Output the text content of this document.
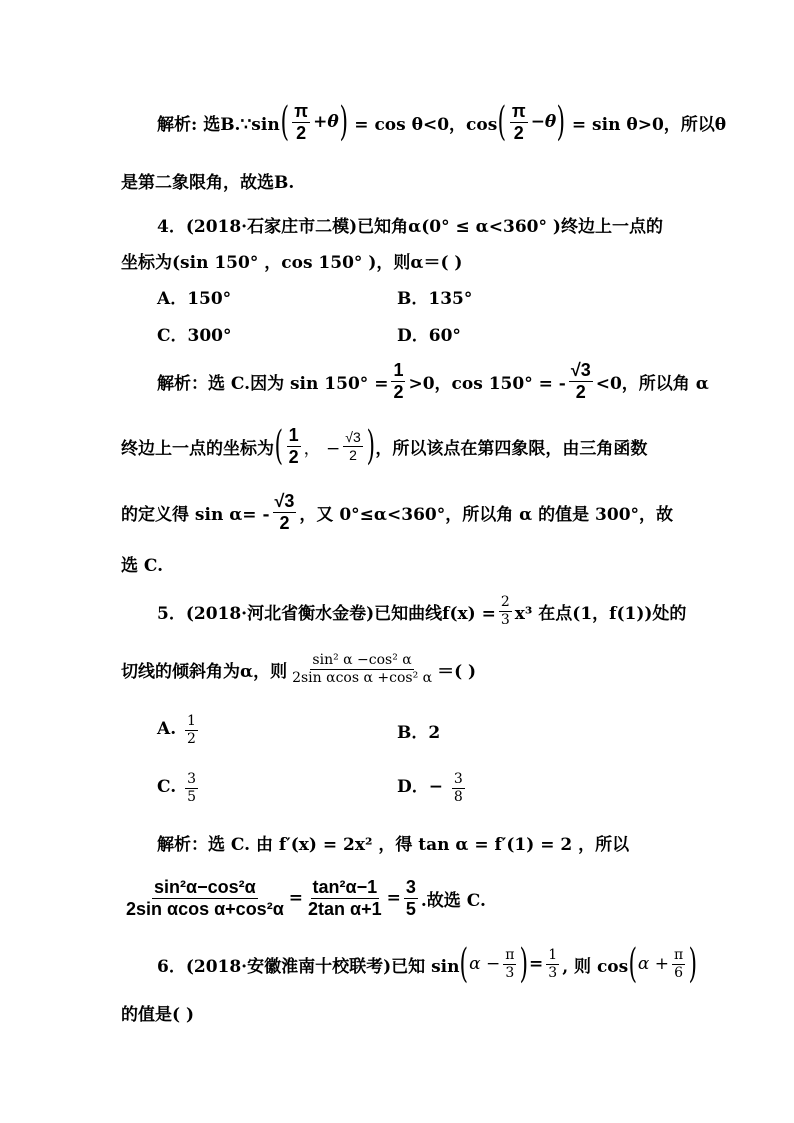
解析: 选B.∵sin ( $\frac{\pi}{2} +\theta$ ) = cos θ<0，cos ( $\frac{\pi}{2} -\theta$ ) = sin θ>0，所以θ
是第二象限角，故选B.
4．(2018·石家庄市二模)已知角α(0° ≤ α<360° )终边上一点的
坐标为(sin 150° ，cos 150° )，则α＝( )
A．150°	B．135°
C．300°	D．60°
解析：选 C.因为 $\sin 150^\circ = \frac{1}{2} >0$，cos 150° = - $\frac{√3}{2} <0$，所以角 α
终边上一点的坐标为 ( $\frac{1}{2}$ ， − $\frac{√3}{2}$ ) ，所以该点在第四象限，由三角函数
的定义得 $\sin \alpha= - \frac{√3}{2}$ ，又 0°≤α<360°，所以角 α 的值是 300°，故
选 C.
5．(2018·河北省衡水金卷)已知曲线$f(x) = \frac{2}{3} x^3$ 在点(1，f(1))处的
切线的倾斜角为α，则 $\frac{\text{sin² α −cos² α}}{\text{2sin αcos α +cos² α}}$ ＝( )
A. $\frac{1}{2}$	B．2
C. $\frac{3}{5}$	D．− $\frac{3}{8}$
解析：选 C. 由 f′(x) = 2x² ，得 tan α = f′(1) = 2 ，所以
$\frac{\text{sin²α−cos²α}}{\text{2sin αcos α+cos²α}} = \frac{\text{tan²α−1}}{\text{2tan α+1}} = \frac{3}{5}$ .故选 C.
6．(2018·安徽淮南十校联考)已知 sin ( $\alpha - \frac{\pi}{3}$ ) = $\frac{1}{3}$ , 则 cos ( $\alpha + \frac{\pi}{6}$ )
的值是( )
